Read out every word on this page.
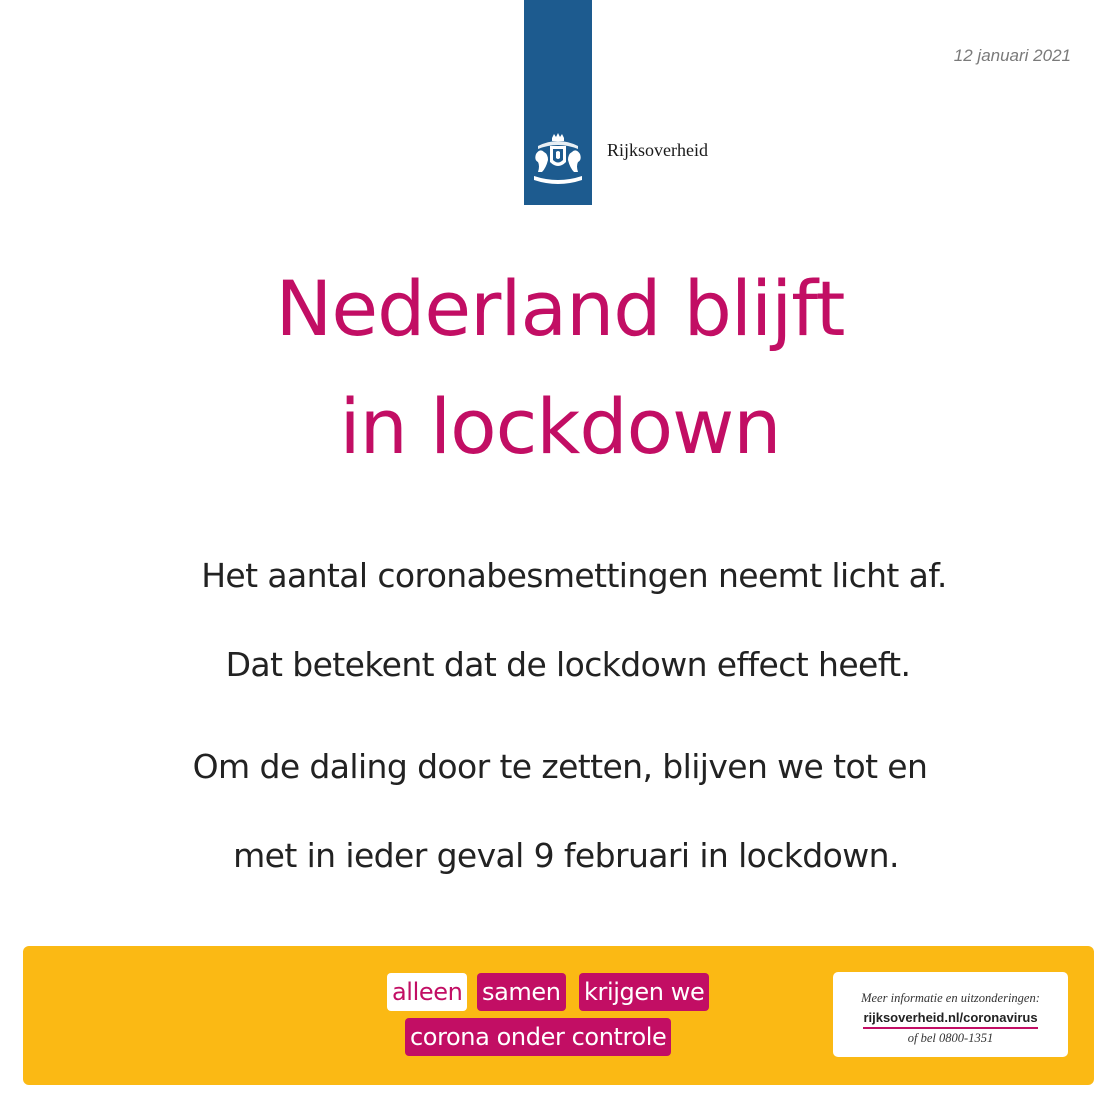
12 januari 2021
Rijksoverheid
Nederland blijft
in lockdown
Het aantal coronabesmettingen neemt licht af.
Dat betekent dat de lockdown effect heeft.
Om de daling door te zetten, blijven we tot en
met in ieder geval 9 februari in lockdown.
alleen samen krijgen we
corona onder controle
Meer informatie en uitzonderingen:
rijksoverheid.nl/coronavirus
of bel 0800-1351
